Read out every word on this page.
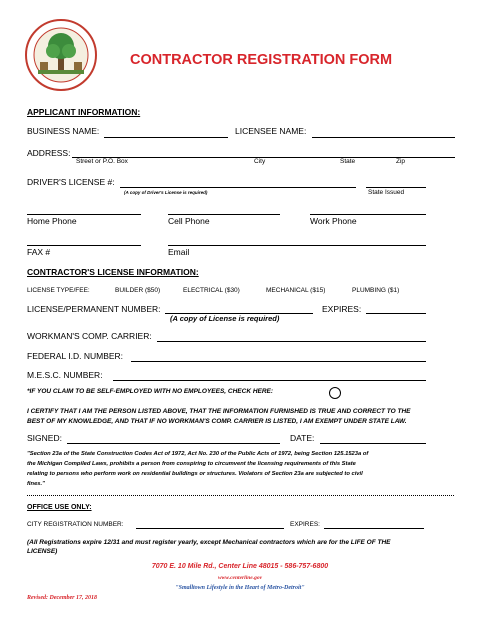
CONTRACTOR REGISTRATION FORM
APPLICANT INFORMATION:
BUSINESS NAME:	LICENSEE NAME:
ADDRESS:
Street or P.O. Box	City	State	Zip
DRIVER'S LICENSE #:
(A copy of Driver's License is required)	State Issued
Home Phone	Cell Phone	Work Phone
FAX #	Email
CONTRACTOR'S LICENSE INFORMATION:
LICENSE TYPE/FEE:	BUILDER ($50)	ELECTRICAL ($30)	MECHANICAL ($15)	PLUMBING ($1)
LICENSE/PERMANENT NUMBER:	EXPIRES:
(A copy of License is required)
WORKMAN'S COMP. CARRIER:
FEDERAL I.D. NUMBER:
M.E.S.C. NUMBER:
*IF YOU CLAIM TO BE SELF-EMPLOYED WITH NO EMPLOYEES, CHECK HERE:
I CERTIFY THAT I AM THE PERSON LISTED ABOVE, THAT THE INFORMATION FURNISHED IS TRUE AND CORRECT TO THE
BEST OF MY KNOWLEDGE, AND THAT IF NO WORKMAN'S COMP. CARRIER IS LISTED, I AM EXEMPT UNDER STATE LAW.
SIGNED:	DATE:
"Section 23a of the State Construction Codes Act of 1972, Act No. 230 of the Public Acts of 1972, being Section 125.1523a of
the Michigan Compiled Laws, prohibits a person from conspiring to circumvent the licensing requirements of this State
relating to persons who perform work on residential buildings or structures. Violators of Section 23a are subjected to civil
fines."
OFFICE USE ONLY:
CITY REGISTRATION NUMBER:	EXPIRES:
(All Registrations expire 12/31 and must register yearly, except Mechanical contractors which are for the LIFE OF THE
LICENSE)
7070 E. 10 Mile Rd., Center Line 48015 - 586-757-6800
www.centerline.gov
"Smalltown Lifestyle in the Heart of Metro-Detroit"
Revised: December 17, 2018
